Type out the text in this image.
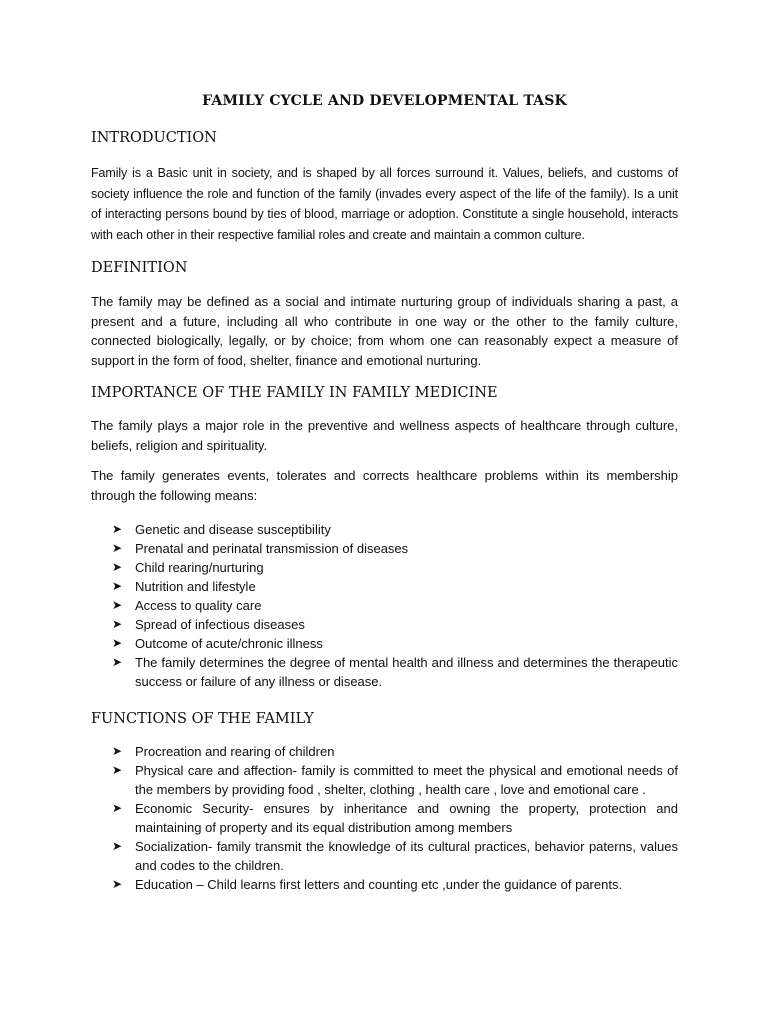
FAMILY CYCLE AND DEVELOPMENTAL TASK
INTRODUCTION

Family is a Basic unit in society, and is shaped by all forces surround it. Values, beliefs, and customs of society influence the role and function of the family (invades every aspect of the life of the family). Is a unit of interacting persons bound by ties of blood, marriage or adoption. Constitute a single household, interacts with each other in their respective familial roles and create and maintain a common culture.

DEFINITION

The family may be defined as a social and intimate nurturing group of individuals sharing a past, a present and a future, including all who contribute in one way or the other to the family culture, connected biologically, legally, or by choice; from whom one can reasonably expect a measure of support in the form of food, shelter, finance and emotional nurturing.

IMPORTANCE OF THE FAMILY IN FAMILY MEDICINE

The family plays a major role in the preventive and wellness aspects of healthcare through culture, beliefs, religion and spirituality.

The family generates events, tolerates and corrects healthcare problems within its membership through the following means:

➤ Genetic and disease susceptibility
➤ Prenatal and perinatal transmission of diseases
➤ Child rearing/nurturing
➤ Nutrition and lifestyle
➤ Access to quality care
➤ Spread of infectious diseases
➤ Outcome of acute/chronic illness
➤ The family determines the degree of mental health and illness and determines the therapeutic success or failure of any illness or disease.
FUNCTIONS OF THE FAMILY
➤ Procreation and rearing of children
➤ Physical care and affection- family is committed to meet the physical and emotional needs of the members by providing food , shelter, clothing , health care , love and emotional care .
➤ Economic Security- ensures by inheritance and owning the property, protection and maintaining of property and its equal distribution among members
➤ Socialization- family transmit the knowledge of its cultural practices, behavior paterns, values and codes to the children.
➤ Education – Child learns first letters and counting etc ,under the guidance of parents.
